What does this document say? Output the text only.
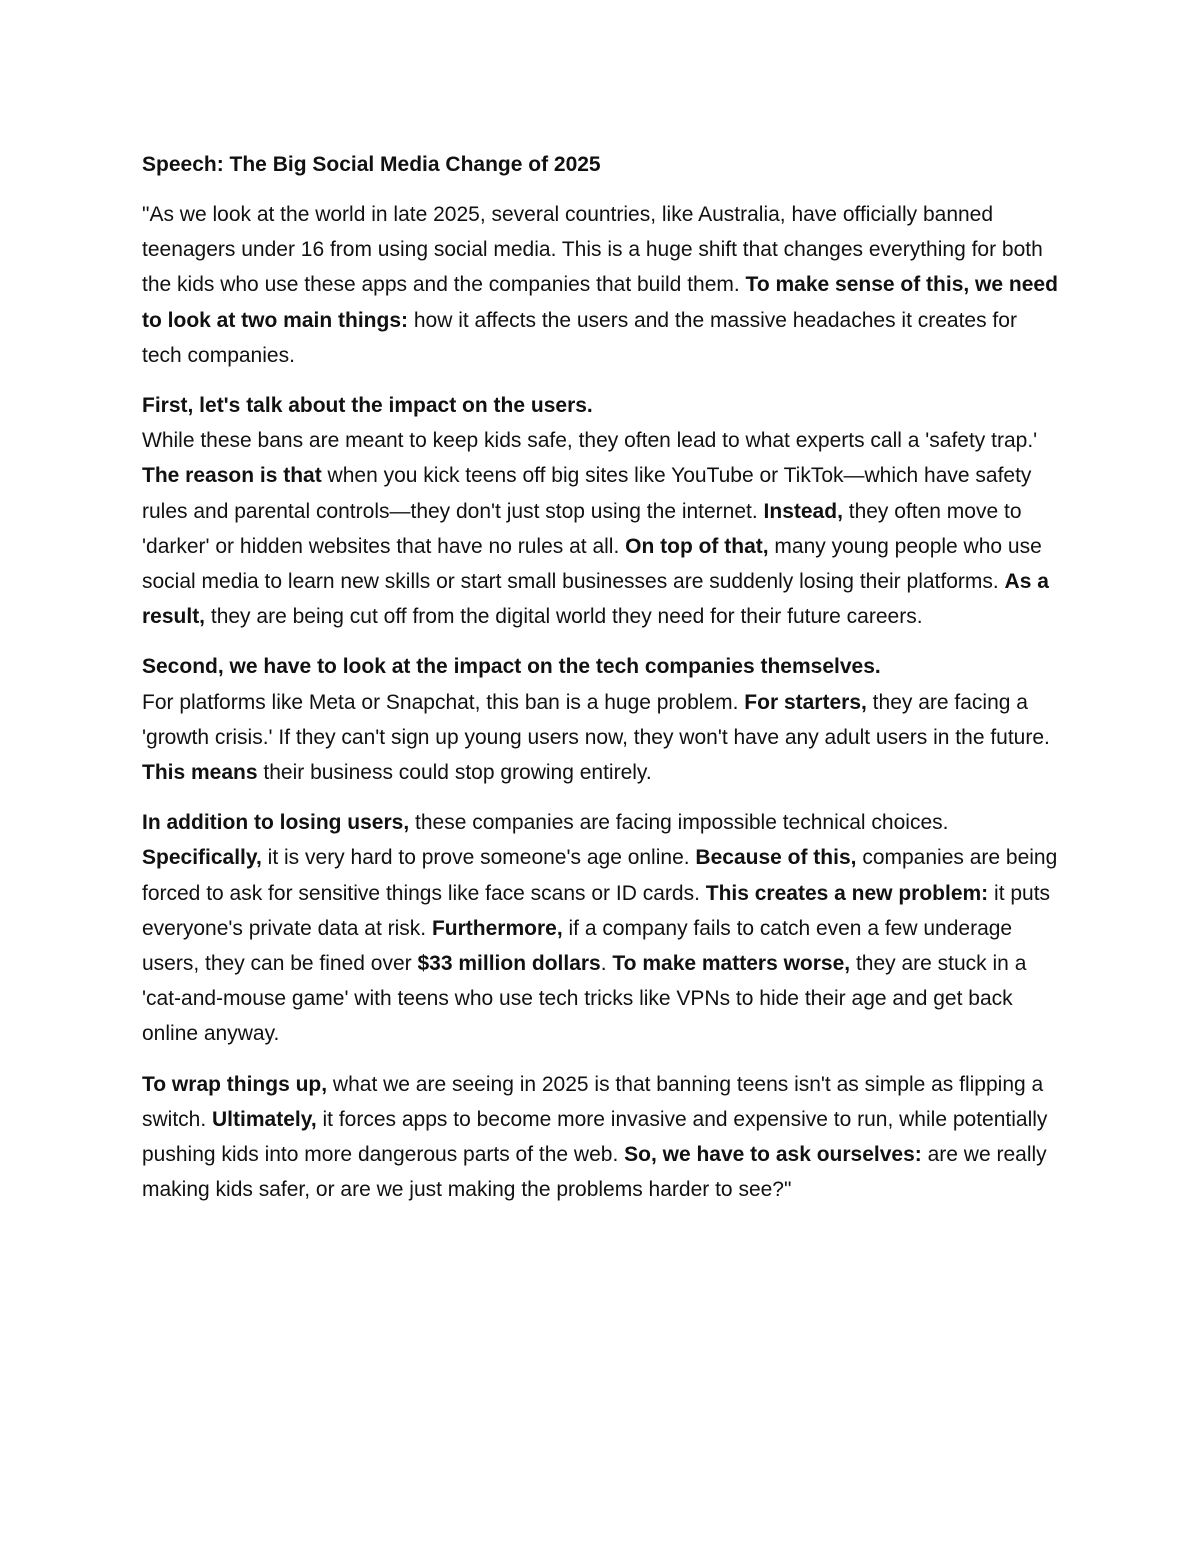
Speech: The Big Social Media Change of 2025

"As we look at the world in late 2025, several countries, like Australia, have officially banned teenagers under 16 from using social media. This is a huge shift that changes everything for both the kids who use these apps and the companies that build them. To make sense of this, we need to look at two main things: how it affects the users and the massive headaches it creates for tech companies.

First, let's talk about the impact on the users.
While these bans are meant to keep kids safe, they often lead to what experts call a 'safety trap.' The reason is that when you kick teens off big sites like YouTube or TikTok—which have safety rules and parental controls—they don't just stop using the internet. Instead, they often move to 'darker' or hidden websites that have no rules at all. On top of that, many young people who use social media to learn new skills or start small businesses are suddenly losing their platforms. As a result, they are being cut off from the digital world they need for their future careers.

Second, we have to look at the impact on the tech companies themselves.
For platforms like Meta or Snapchat, this ban is a huge problem. For starters, they are facing a 'growth crisis.' If they can't sign up young users now, they won't have any adult users in the future. This means their business could stop growing entirely.

In addition to losing users, these companies are facing impossible technical choices. Specifically, it is very hard to prove someone's age online. Because of this, companies are being forced to ask for sensitive things like face scans or ID cards. This creates a new problem: it puts everyone's private data at risk. Furthermore, if a company fails to catch even a few underage users, they can be fined over $33 million dollars. To make matters worse, they are stuck in a 'cat-and-mouse game' with teens who use tech tricks like VPNs to hide their age and get back online anyway.

To wrap things up, what we are seeing in 2025 is that banning teens isn't as simple as flipping a switch. Ultimately, it forces apps to become more invasive and expensive to run, while potentially pushing kids into more dangerous parts of the web. So, we have to ask ourselves: are we really making kids safer, or are we just making the problems harder to see?"
